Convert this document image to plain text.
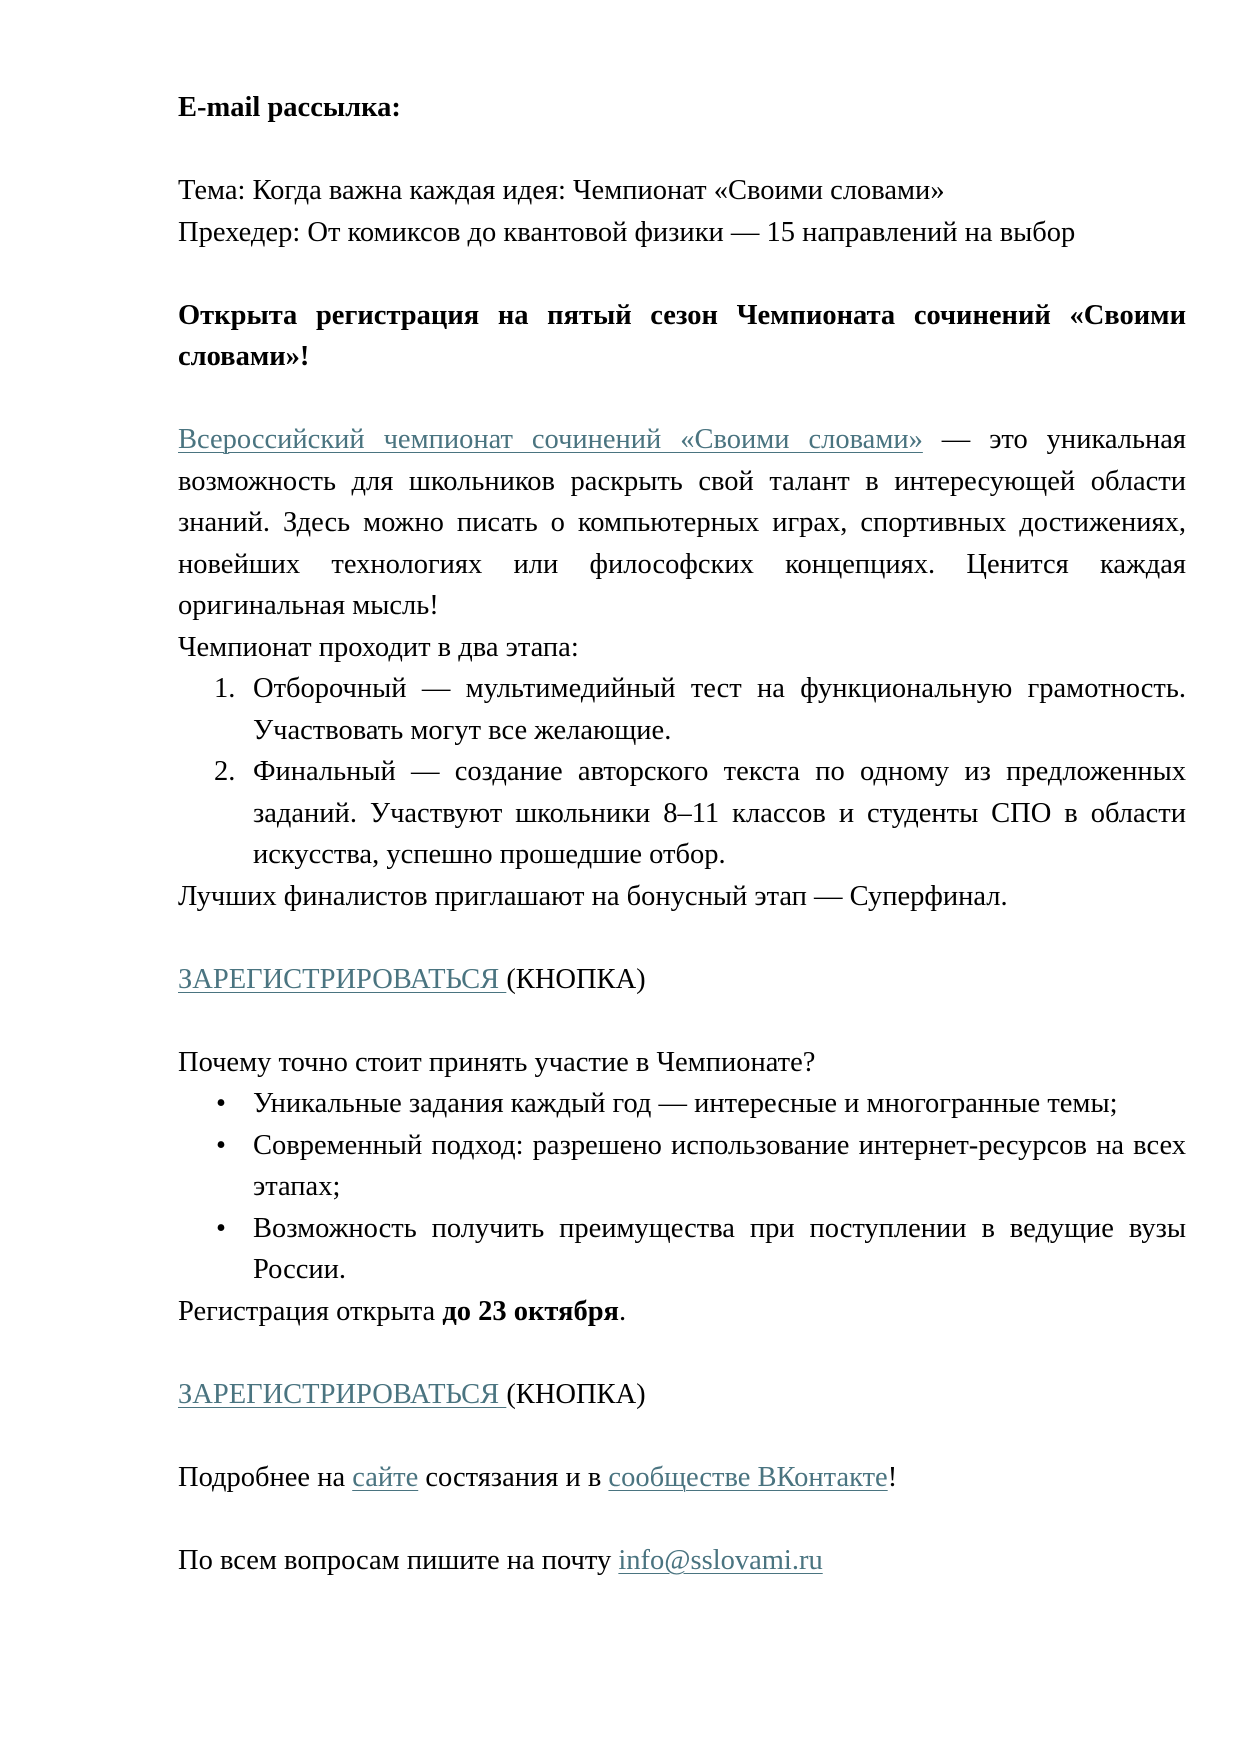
E-mail рассылка:

Тема: Когда важна каждая идея: Чемпионат «Своими словами»

Прехедер: От комиксов до квантовой физики — 15 направлений на выбор

Открыта регистрация на пятый сезон Чемпионата сочинений «Своими словами»!

Всероссийский чемпионат сочинений «Своими словами» — это уникальная возможность для школьников раскрыть свой талант в интересующей области знаний. Здесь можно писать о компьютерных играх, спортивных достижениях, новейших технологиях или философских концепциях. Ценится каждая оригинальная мысль!

Чемпионат проходит в два этапа:

1. Отборочный — мультимедийный тест на функциональную грамотность. Участвовать могут все желающие.
2. Финальный — создание авторского текста по одному из предложенных заданий. Участвуют школьники 8–11 классов и студенты СПО в области искусства, успешно прошедшие отбор.

Лучших финалистов приглашают на бонусный этап — Суперфинал.

ЗАРЕГИСТРИРОВАТЬСЯ (КНОПКА)

Почему точно стоит принять участие в Чемпионате?

• Уникальные задания каждый год — интересные и многогранные темы;
• Современный подход: разрешено использование интернет-ресурсов на всех этапах;
• Возможность получить преимущества при поступлении в ведущие вузы России.

Регистрация открыта до 23 октября.

ЗАРЕГИСТРИРОВАТЬСЯ (КНОПКА)

Подробнее на сайте состязания и в сообществе ВКонтакте!

По всем вопросам пишите на почту info@sslovami.ru
